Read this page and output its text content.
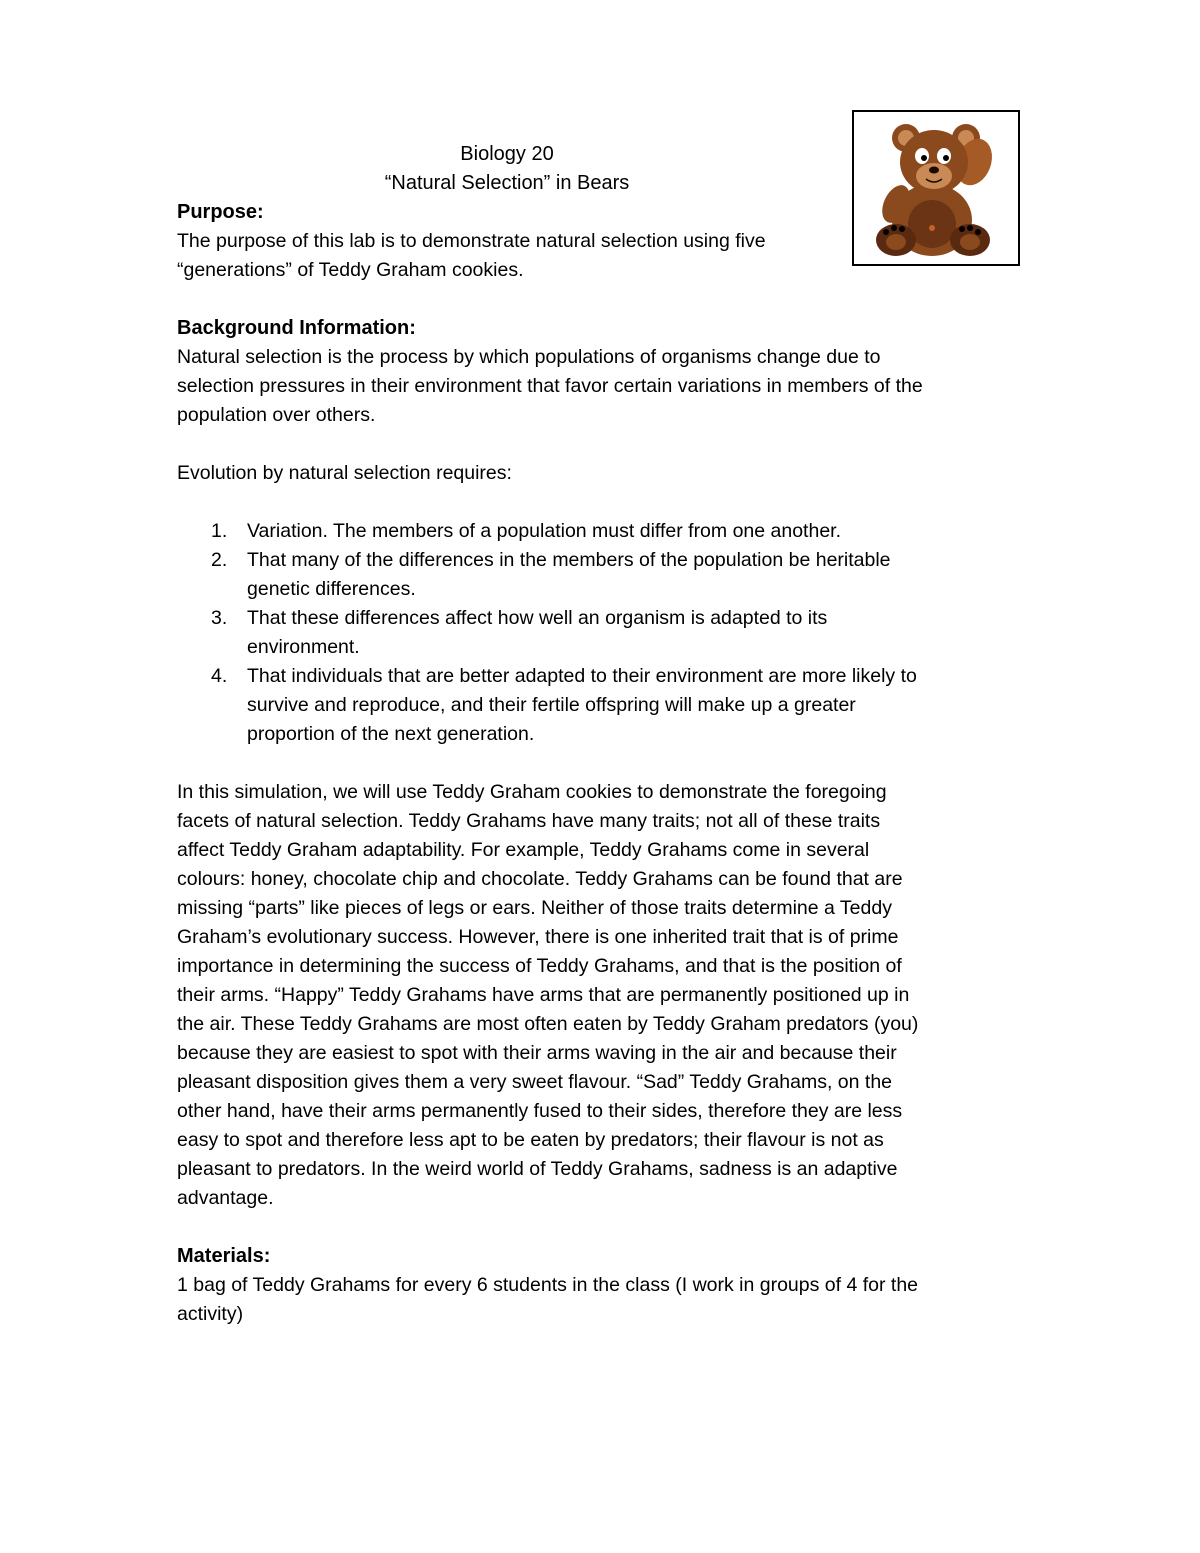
Biology 20
“Natural Selection” in Bears
Purpose:

The purpose of this lab is to demonstrate natural selection using five

“generations” of Teddy Graham cookies.

Background Information:

Natural selection is the process by which populations of organisms change due to

selection pressures in their environment that favor certain variations in members of the

population over others.

Evolution by natural selection requires:

1. Variation. The members of a population must differ from one another.
2. That many of the differences in the members of the population be heritable
genetic differences.
3. That these differences affect how well an organism is adapted to its
environment.
4. That individuals that are better adapted to their environment are more likely to
survive and reproduce, and their fertile offspring will make up a greater
proportion of the next generation.

In this simulation, we will use Teddy Graham cookies to demonstrate the foregoing

facets of natural selection. Teddy Grahams have many traits; not all of these traits

affect Teddy Graham adaptability. For example, Teddy Grahams come in several

colours: honey, chocolate chip and chocolate. Teddy Grahams can be found that are

missing “parts” like pieces of legs or ears. Neither of those traits determine a Teddy

Graham’s evolutionary success. However, there is one inherited trait that is of prime

importance in determining the success of Teddy Grahams, and that is the position of

their arms. “Happy” Teddy Grahams have arms that are permanently positioned up in

the air. These Teddy Grahams are most often eaten by Teddy Graham predators (you)

because they are easiest to spot with their arms waving in the air and because their

pleasant disposition gives them a very sweet flavour. “Sad” Teddy Grahams, on the

other hand, have their arms permanently fused to their sides, therefore they are less

easy to spot and therefore less apt to be eaten by predators; their flavour is not as

pleasant to predators. In the weird world of Teddy Grahams, sadness is an adaptive

advantage.

Materials:

1 bag of Teddy Grahams for every 6 students in the class (I work in groups of 4 for the

activity)
